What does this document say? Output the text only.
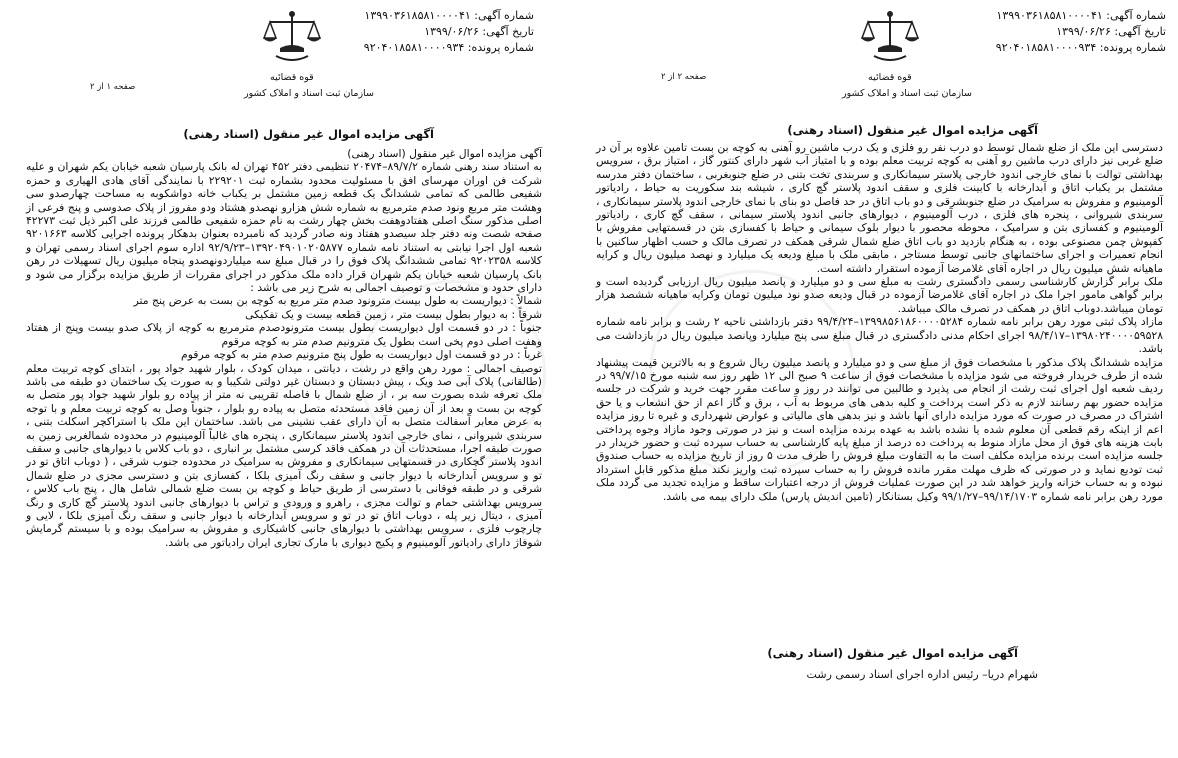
قوه قضائیه
سازمان ثبت اسناد و املاک کشور
شماره آگهی: ۱۳۹۹۰۳۶۱۸۵۸۱۰۰۰۰۴۱
تاریخ آگهی: ۱۳۹۹/۰۶/۲۶
شماره پرونده: ۹۲۰۴۰۱۸۵۸۱۰۰۰۰۹۳۴
صفحه ۱ از ۲
آگهی مزایده اموال غیر منقول (اسناد رهنی)

آگهی مزایده اموال غیر منقول (اسناد رهنی)

به استناد سند رهنی شماره ۸۹/۷/۲–۲۰۴۷۴ تنظیمی دفتر ۴۵۲ تهران له بانک پارسیان شعبه خیابان یکم شهران و علیه شرکت فن اوران مهرسای افق با مسئولیت محدود بشماره ثبت ۲۲۹۲۰۱ با نمایندگی آقای هادی الهیاری و حمزه شفیعی طالمی که تمامی ششدانگ یک قطعه زمین مشتمل بر یکباب خانه دواشکوبه به مساحت چهارصدو سی وهشت متر مربع ونود صدم مترمربع به شماره شش هزارو نهصدو هشتاد ودو مفروز از پلاک صدوسی و پنج فرعی از اصلی مذکور سنگ اصلی هفتادوهفت بخش چهار رشت به نام حمزه شفیعی طالمی فرزند علی اکبر ذیل ثبت ۴۲۲۷۳ صفحه شصت ونه دفتر جلد سیصدو هفتاد ونه صادر گردید که نامبرده بعنوان بدهکار پرونده اجرایی کلاسه ۹۲۰۱۶۶۳ شعبه اول اجرا نیابتی به استناد نامه شماره ۱۳۹۲۰۴۹۰۱۰۲۰۵۸۷۷–۹۲/۹/۲۳ اداره سوم اجرای اسناد رسمی تهران و کلاسه ۹۲۰۲۳۵۸ تمامی ششدانگ پلاک فوق را در قبال مبلغ سه میلیاردونهصدو پنجاه میلیون ریال تسهیلات در رهن بانک پارسیان شعبه خیابان یکم شهران قرار داده ملک مذکور در اجرای مقررات از طریق مزایده برگزار می شود و دارای حدود و مشخصات و توصیف اجمالی به شرح زیر می باشد :

شمالاً : دیواریست به طول بیست مترونود صدم متر مربع به کوچه بن بست به عرض پنج متر

شرقاً : به دیوار بطول بیست متر ، زمین قطعه بیست و یک تفکیکی

جنوباً : در دو قسمت اول دیواریست بطول بیست مترونودصدم مترمربع به کوچه از پلاک صدو بیست وپنج از هفتاد وهفت اصلی دوم پخی است بطول یک مترونیم صدم متر به کوچه مرقوم

غرباً : در دو قسمت اول دیواریست به طول پنج مترونیم صدم متر به کوچه مرقوم

توصیف اجمالی : مورد رهن واقع در رشت ، دیانتی ، میدان کودک ، بلوار شهید جواد پور ، ابتدای کوچه تربیت معلم (طالقانی) پلاک آبی صد ویک ، پیش دبستان و دبستان غیر دولتی شکیبا و به صورت یک ساختمان دو طبقه می باشد ملک تعرفه شده بصورت سه بر ، از ضلع شمال با فاصله تقریبی نه متر از پیاده رو بلوار شهید جواد پور متصل به کوچه بن بست و بعد از آن زمین فاقد مستحدثه متصل به پیاده رو بلوار ، جنوباً وصل به کوچه تربیت معلم و با توجه به عرض معابر آسفالت متصل به آن دارای عقب نشینی می باشد. ساختمان این ملک با استراکچر اسکلت بتنی ، سربندی شیروانی ، نمای خارجی اندود پلاستر سیمانکاری ، پنجره های غالباً آلومینیوم در محدوده شمالغربی زمین به صورت طبقه اجرا، مستحدثات آن در همکف فاقد کرسی مشتمل بر انباری ، دو باب کلاس با دیوارهای جانبی و سقف اندود پلاستر گچکاری در قسمتهایی سیمانکاری و مفروش به سرامیک در محدوده جنوب شرقی ، ( دوباب اتاق تو در تو و سرویس آبدارخانه با دیوار جانبی و سقف رنگ آمیزی بلکا ، کفسازی بتن و دسترسی مجزی در ضلع شمال شرقی و در طبقه فوقانی با دسترسی از طریق حیاط و کوچه بن بست ضلع شمالی شامل هال ، پنج باب کلاس ، سرویس بهداشتی حمام و توالت مجزی ، راهرو و ورودی و تراس با دیوارهای جانبی اندود پلاستر گچ کاری و رنگ آمیزی ، دیتال زیر پله ، دوباب اتاق تو در تو و سرویس آبدارخانه با دیوار جانبی و سقف رنگ آمیزی بلکا ، لایی و چارچوب فلزی ، سرویس بهداشتی با دیوارهای جانبی کاشیکاری و مفروش به سرامیک بوده و با سیستم گرمایش شوفاژ دارای رادیاتور آلومینیوم و پکیج دیواری با مارک تجاری ایران رادیاتور می باشد.

قوه قضائیه
سازمان ثبت اسناد و املاک کشور
شماره آگهی: ۱۳۹۹۰۳۶۱۸۵۸۱۰۰۰۰۴۱
تاریخ آگهی: ۱۳۹۹/۰۶/۲۶
شماره پرونده: ۹۲۰۴۰۱۸۵۸۱۰۰۰۰۹۳۴
صفحه ۲ از ۲
آگهی مزایده اموال غیر منقول (اسناد رهنی)

دسترسی این ملک از ضلع شمال توسط دو درب نفر رو فلزی و یک درب ماشین رو آهنی به کوچه بن بست تامین علاوه بر آن در ضلع غربی نیز دارای درب ماشین رو آهنی به کوچه تربیت معلم بوده و با امتیاز آب شهر دارای کنتور گاز ، امتیاز برق ، سرویس بهداشتی توالت با نمای خارجی اندود خارجی پلاستر سیمانکاری و سربندی تخت بتنی در ضلع جنوبغربی ، ساختمان دفتر مدرسه مشتمل بر یکباب اتاق و آبدارخانه با کابینت فلزی و سقف اندود پلاستر گچ کاری ، شیشه بند سکوریت به حیاط ، رادیاتور آلومینیوم و مفروش به سرامیک در ضلع جنوبشرقی و دو باب اتاق در حد فاصل دو بنای با نمای خارجی اندود پلاستر سیمانکاری ، سربندی شیروانی ، پنجره های فلزی ، درب آلومینیوم ، دیوارهای جانبی اندود پلاستر سیمانی ، سقف گچ کاری ، رادیاتور آلومینیوم و کفسازی بتن و سرامیک ، محوطه محصور با دیوار بلوک سیمانی و حیاط با کفسازی بتن در قسمتهایی مفروش با کفپوش چمن مصنوعی بوده ، به هنگام بازدید دو باب اتاق ضلع شمال شرقی همکف در تصرف مالک و حسب اظهار ساکنین با انجام تعمیرات و اجرای ساختمانهای جانبی توسط مستاجر ، مابقی ملک با مبلغ ودیعه یک میلیارد و نهصد میلیون ریال و کرایه ماهیانه شش میلیون ریال در اجاره آقای غلامرضا آزموده استقرار داشته است.

ملک برابر گزارش کارشناسی رسمی دادگستری رشت به مبلغ سی و دو میلیارد و پانصد میلیون ریال ارزیابی گردیده است و برابر گواهی مامور اجرا ملک در اجاره آقای غلامرضا آزموده در قبال ودیعه صدو نود میلیون تومان وکرایه ماهیانه ششصد هزار تومان میباشد.دوباب اتاق در همکف در تصرف مالک میباشد.

مازاد پلاک ثبتی مورد رهن برابر نامه شماره ۱۳۹۹۸۵۶۱۸۶۰۰۰۰۵۲۸۴–۹۹/۴/۲۴ دفتر بازداشتی ناحیه ۲ رشت و برابر نامه شماره ۱۳۹۸۰۲۴۰۰۰۰۵۹۵۲۸–۹۸/۴/۱۷ اجرای احکام مدنی دادگستری در قبال مبلغ سی پنج میلیارد وپانصد میلیون ریال در بازداشت می باشد.

مزایده ششدانگ پلاک مذکور با مشخصات فوق از مبلغ سی و دو میلیارد و پانصد میلیون ریال شروع و به بالاترین قیمت پیشنهاد شده از طرف خریدار فروخته می شود مزایده با مشخصات فوق از ساعت ۹ صبح الی ۱۲ ظهر روز سه شنبه مورخ ۹۹/۷/۱۵ در ردیف شعبه اول اجرای ثبت رشت از انجام می پذیرد و طالبین می توانند در روز و ساعت مقرر جهت خرید و شرکت در جلسه مزایده حضور بهم رسانند لازم به ذکر است پرداخت و کلیه بدهی های مربوط به آب ، برق و گاز اعم از حق انشعاب و یا حق اشتراک در مصرف در صورت که مورد مزایده دارای آنها باشد و نیز بدهی های مالیاتی و عوارض شهرداری و غیره تا روز مزایده اعم از اینکه رقم قطعی آن معلوم شده یا نشده باشد به عهده برنده مزایده است و نیز در صورتی وجود مازاد وجوه پرداختی بابت هزینه های فوق از محل مازاد منوط به پرداخت ده درصد از مبلغ پایه کارشناسی به حساب سپرده ثبت و حضور خریدار در جلسه مزایده است برنده مزایده مکلف است ما به التفاوت مبلغ فروش را ظرف مدت ۵ روز از تاریخ مزایده به حساب صندوق ثبت تودیع نماید و در صورتی که ظرف مهلت مقرر مانده فروش را به حساب سپرده ثبت واریز نکند مبلغ مذکور قابل استرداد نبوده و به حساب خزانه واریز خواهد شد در این صورت عملیات فروش از درجه اعتبارات ساقط و مزایده تجدید می گردد ملک مورد رهن برابر نامه شماره ۹۹/۱۴/۱۷۰۳–۹۹/۱/۲۷ وکیل بستانکار (تامین اندیش پارس) ملک دارای بیمه می باشد.

آگهی مزایده اموال غیر منقول (اسناد رهنی)
شهرام دریا– رئیس اداره اجرای اسناد رسمی رشت
